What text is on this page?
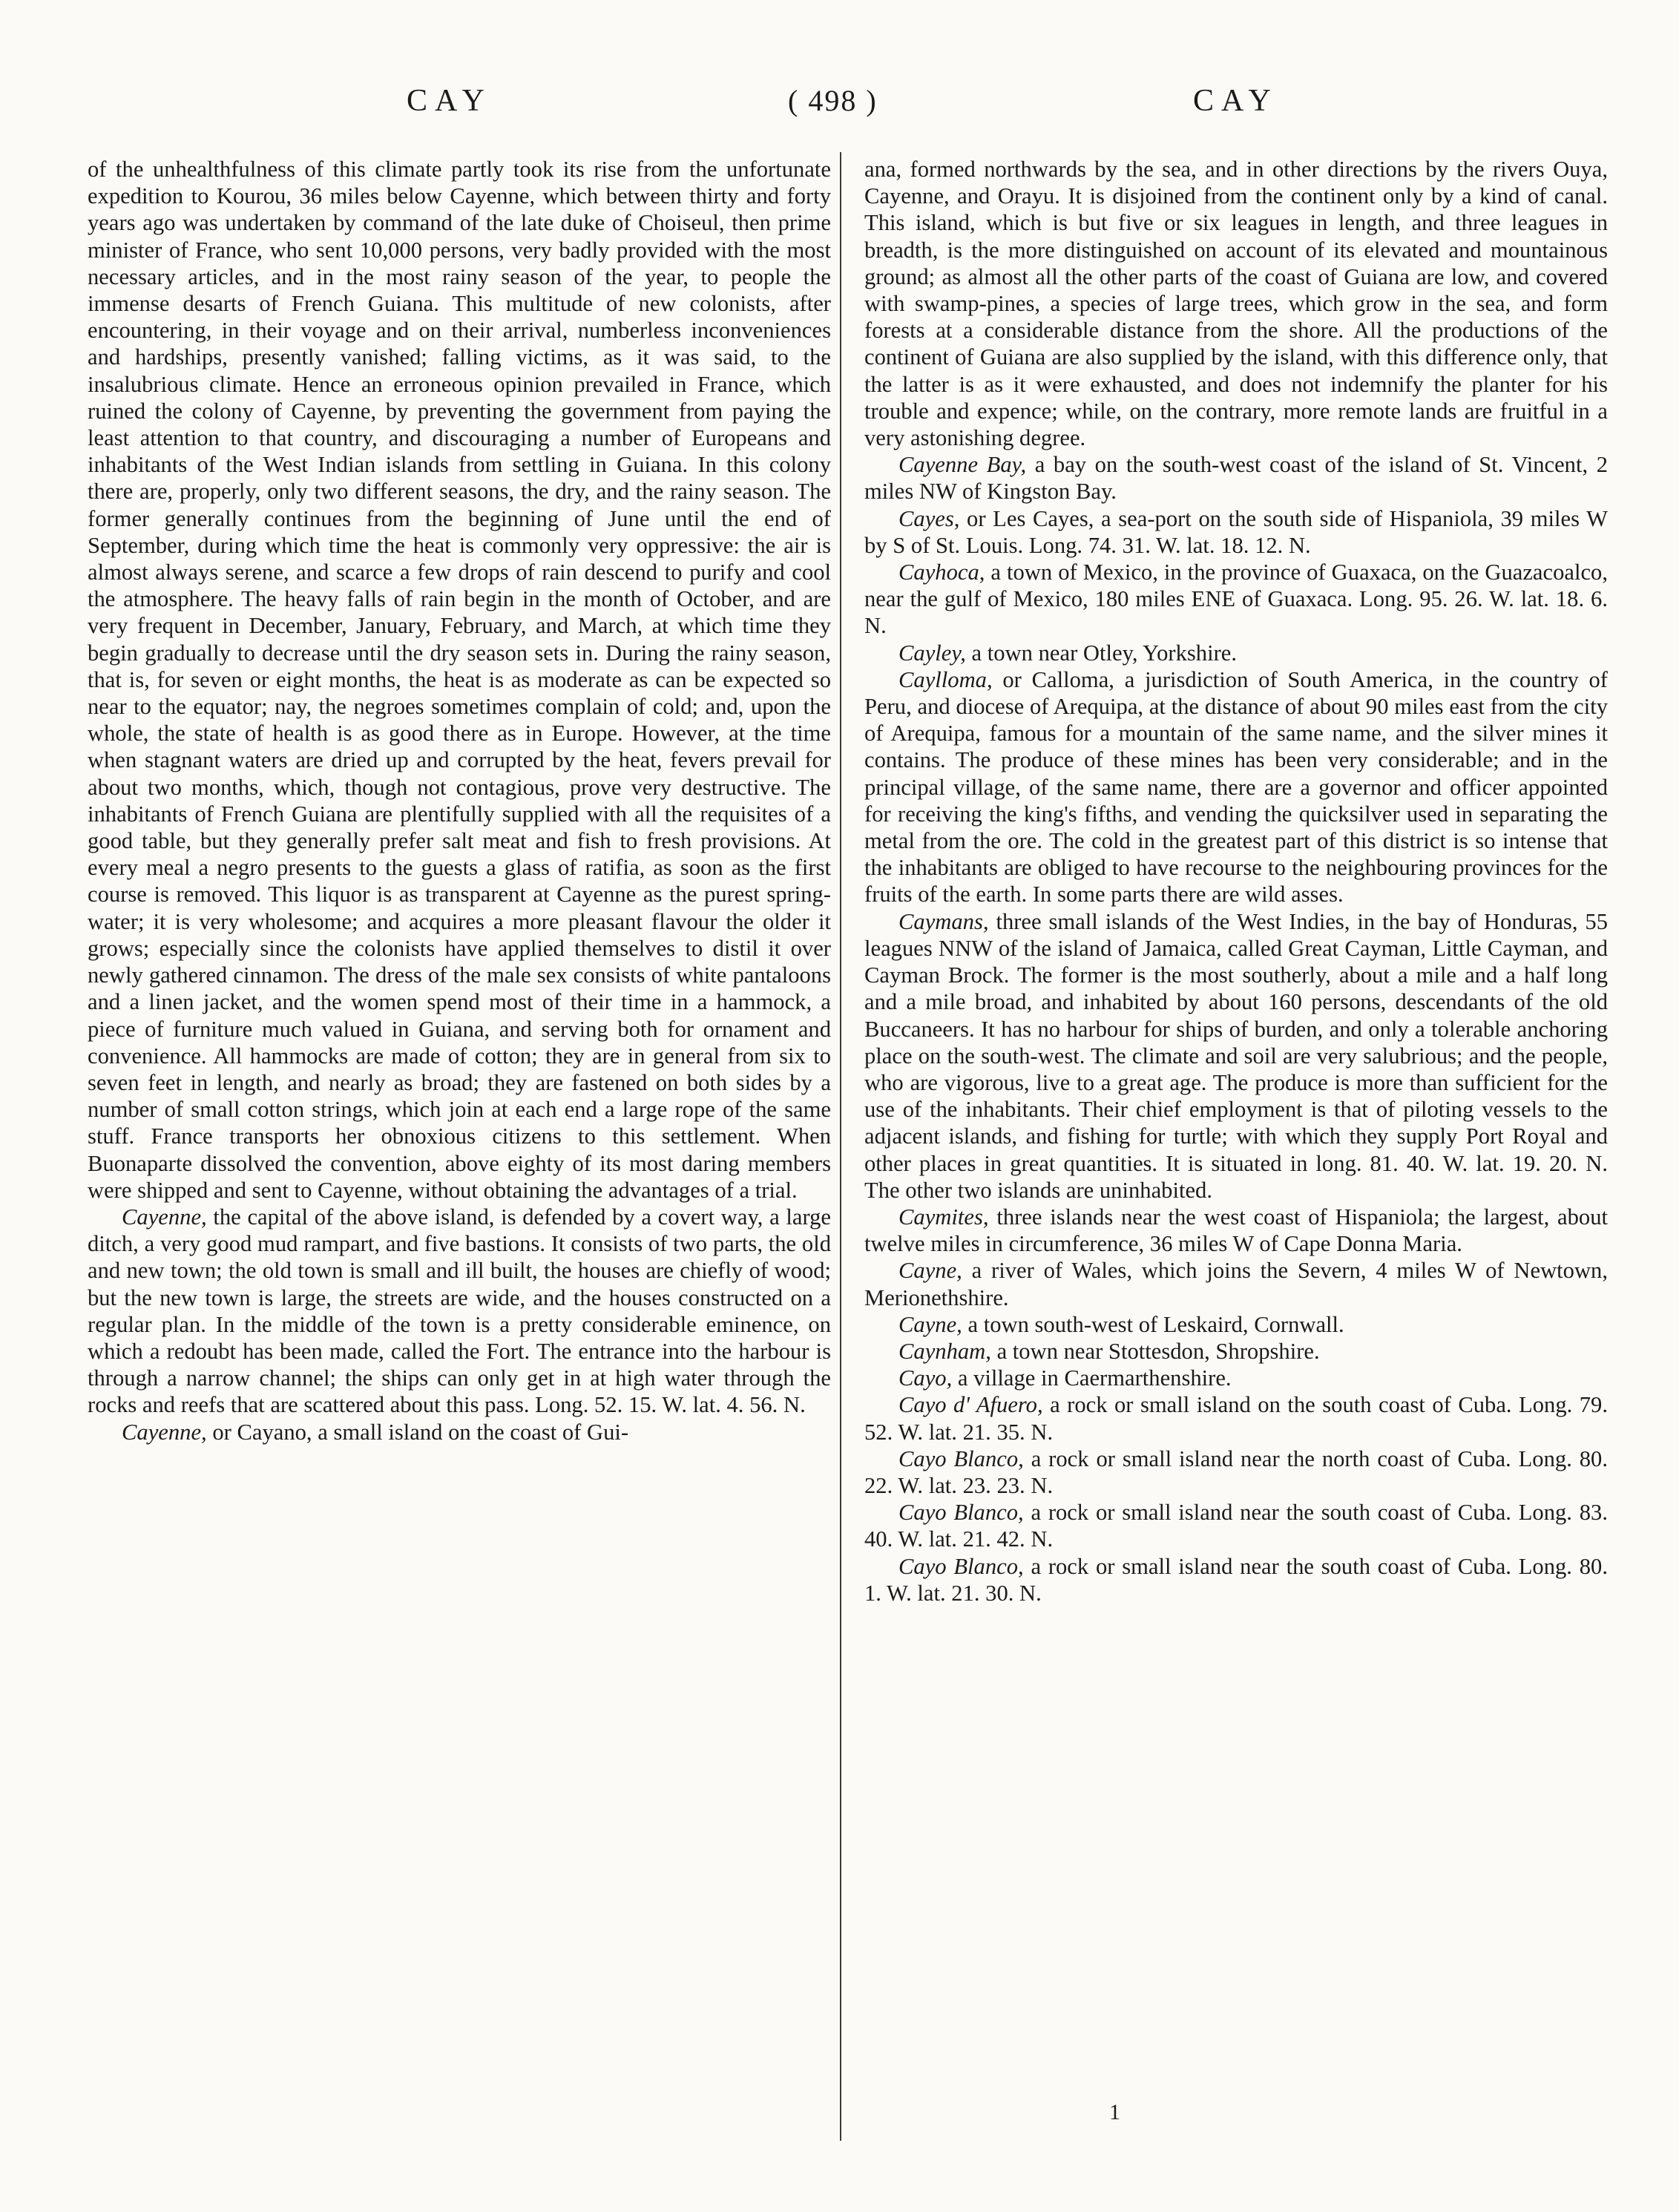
CAY	( 498 )	CAY

of the unhealthfulness of this climate partly took its rise from the unfortunate expedition to Kourou, 36 miles below Cayenne, which between thirty and forty years ago was undertaken by command of the late duke of Choiseul, then prime minister of France, who sent 10,000 persons, very badly provided with the most necessary articles, and in the most rainy season of the year, to people the immense desarts of French Guiana. This multitude of new colonists, after encountering, in their voyage and on their arrival, numberless inconveniences and hardships, presently vanished; falling victims, as it was said, to the insalubrious climate. Hence an erroneous opinion prevailed in France, which ruined the colony of Cayenne, by preventing the government from paying the least attention to that country, and discouraging a number of Europeans and inhabitants of the West Indian islands from settling in Guiana. In this colony there are, properly, only two different seasons, the dry, and the rainy season. The former generally continues from the beginning of June until the end of September, during which time the heat is commonly very oppressive: the air is almost always serene, and scarce a few drops of rain descend to purify and cool the atmosphere. The heavy falls of rain begin in the month of October, and are very frequent in December, January, February, and March, at which time they begin gradually to decrease until the dry season sets in. During the rainy season, that is, for seven or eight months, the heat is as moderate as can be expected so near to the equator; nay, the negroes sometimes complain of cold; and, upon the whole, the state of health is as good there as in Europe. However, at the time when stagnant waters are dried up and corrupted by the heat, fevers prevail for about two months, which, though not contagious, prove very destructive. The inhabitants of French Guiana are plentifully supplied with all the requisites of a good table, but they generally prefer salt meat and fish to fresh provisions. At every meal a negro presents to the guests a glass of ratifia, as soon as the first course is removed. This liquor is as transparent at Cayenne as the purest spring-water; it is very wholesome; and acquires a more pleasant flavour the older it grows; especially since the colonists have applied themselves to distil it over newly gathered cinnamon. The dress of the male sex consists of white pantaloons and a linen jacket, and the women spend most of their time in a hammock, a piece of furniture much valued in Guiana, and serving both for ornament and convenience. All hammocks are made of cotton; they are in general from six to seven feet in length, and nearly as broad; they are fastened on both sides by a number of small cotton strings, which join at each end a large rope of the same stuff. France transports her obnoxious citizens to this settlement. When Buonaparte dissolved the convention, above eighty of its most daring members were shipped and sent to Cayenne, without obtaining the advantages of a trial.

Cayenne, the capital of the above island, is defended by a covert way, a large ditch, a very good mud rampart, and five bastions. It consists of two parts, the old and new town; the old town is small and ill built, the houses are chiefly of wood; but the new town is large, the streets are wide, and the houses constructed on a regular plan. In the middle of the town is a pretty considerable eminence, on which a redoubt has been made, called the Fort. The entrance into the harbour is through a narrow channel; the ships can only get in at high water through the rocks and reefs that are scattered about this pass. Long. 52. 15. W. lat. 4. 56. N.

Cayenne, or Cayano, a small island on the coast of Gui-

ana, formed northwards by the sea, and in other directions by the rivers Ouya, Cayenne, and Orayu. It is disjoined from the continent only by a kind of canal. This island, which is but five or six leagues in length, and three leagues in breadth, is the more distinguished on account of its elevated and mountainous ground; as almost all the other parts of the coast of Guiana are low, and covered with swamp-pines, a species of large trees, which grow in the sea, and form forests at a considerable distance from the shore. All the productions of the continent of Guiana are also supplied by the island, with this difference only, that the latter is as it were exhausted, and does not indemnify the planter for his trouble and expence; while, on the contrary, more remote lands are fruitful in a very astonishing degree.

Cayenne Bay, a bay on the south-west coast of the island of St. Vincent, 2 miles NW of Kingston Bay.

Cayes, or Les Cayes, a sea-port on the south side of Hispaniola, 39 miles W by S of St. Louis. Long. 74. 31. W. lat. 18. 12. N.

Cayhoca, a town of Mexico, in the province of Guaxaca, on the Guazacoalco, near the gulf of Mexico, 180 miles ENE of Guaxaca. Long. 95. 26. W. lat. 18. 6. N.

Cayley, a town near Otley, Yorkshire.

Caylloma, or Calloma, a jurisdiction of South America, in the country of Peru, and diocese of Arequipa, at the distance of about 90 miles east from the city of Arequipa, famous for a mountain of the same name, and the silver mines it contains. The produce of these mines has been very considerable; and in the principal village, of the same name, there are a governor and officer appointed for receiving the king's fifths, and vending the quicksilver used in separating the metal from the ore. The cold in the greatest part of this district is so intense that the inhabitants are obliged to have recourse to the neighbouring provinces for the fruits of the earth. In some parts there are wild asses.

Caymans, three small islands of the West Indies, in the bay of Honduras, 55 leagues NNW of the island of Jamaica, called Great Cayman, Little Cayman, and Cayman Brock. The former is the most southerly, about a mile and a half long and a mile broad, and inhabited by about 160 persons, descendants of the old Buccaneers. It has no harbour for ships of burden, and only a tolerable anchoring place on the south-west. The climate and soil are very salubrious; and the people, who are vigorous, live to a great age. The produce is more than sufficient for the use of the inhabitants. Their chief employment is that of piloting vessels to the adjacent islands, and fishing for turtle; with which they supply Port Royal and other places in great quantities. It is situated in long. 81. 40. W. lat. 19. 20. N. The other two islands are uninhabited.

Caymites, three islands near the west coast of Hispaniola; the largest, about twelve miles in circumference, 36 miles W of Cape Donna Maria.

Cayne, a river of Wales, which joins the Severn, 4 miles W of Newtown, Merionethshire.

Cayne, a town south-west of Leskaird, Cornwall.

Caynham, a town near Stottesdon, Shropshire.

Cayo, a village in Caermarthenshire.

Cayo d' Afuero, a rock or small island on the south coast of Cuba. Long. 79. 52. W. lat. 21. 35. N.

Cayo Blanco, a rock or small island near the north coast of Cuba. Long. 80. 22. W. lat. 23. 23. N.

Cayo Blanco, a rock or small island near the south coast of Cuba. Long. 83. 40. W. lat. 21. 42. N.

Cayo Blanco, a rock or small island near the south coast of Cuba. Long. 80. 1. W. lat. 21. 30. N.

1
